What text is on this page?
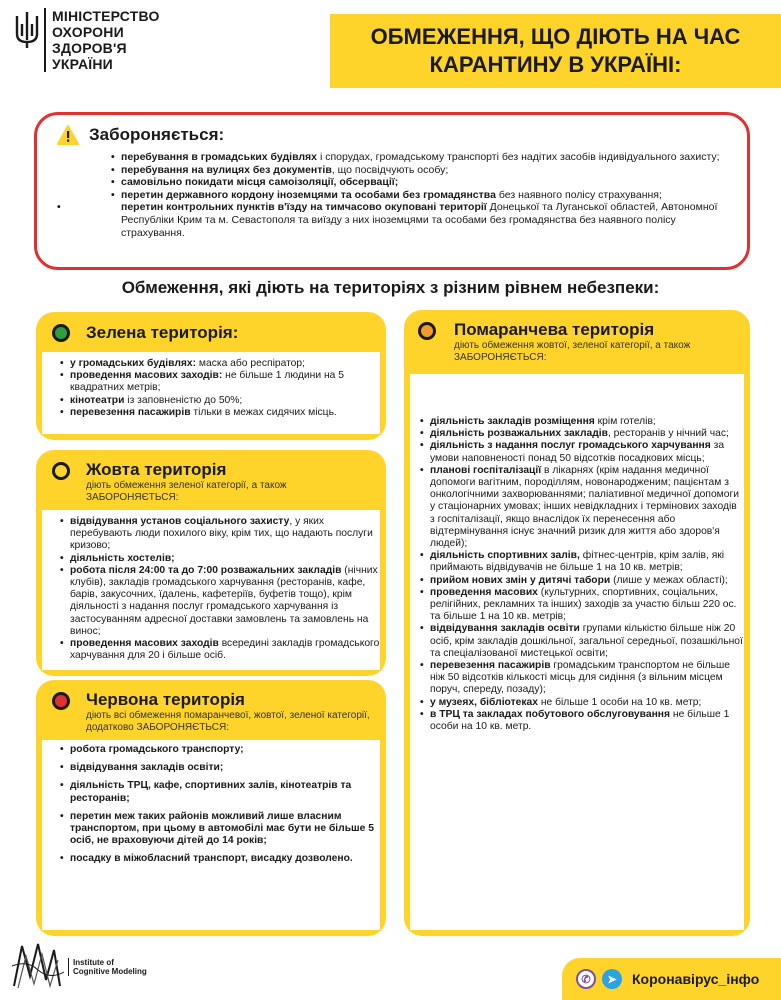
МІНІСТЕРСТВО
ОХОРОНИ
ЗДОРОВ'Я
УКРАЇНИ
ОБМЕЖЕННЯ, ЩО ДІЮТЬ НА ЧАС
КАРАНТИНУ В УКРАЇНІ:
Забороняється:
• перебування в громадських будівлях і спорудах, громадському транспорті без надітих засобів індивідуального захисту;
• перебування на вулицях без документів, що посвідчують особу;
• самовільно покидати місця самоізоляції, обсервації;
• перетин державного кордону іноземцями та особами без громадянства без наявного полісу страхування;
• перетин контрольних пунктів в'їзду на тимчасово окуповані території Донецької та Луганської областей, Автономної Республіки Крим та м. Севастополя та виїзду з них іноземцями та особами без громадянства без наявного полісу страхування.
Обмеження, які діють на територіях з різним рівнем небезпеки:
Зелена територія:
• у громадських будівлях: маска або респіратор;
• проведення масових заходів: не більше 1 людини на 5 квадратних метрів;
• кінотеатри із заповненістю до 50%;
• перевезення пасажирів тільки в межах сидячих місць.
Жовта територія
діють обмеження зеленої категорії, а також ЗАБОРОНЯЄТЬСЯ:
• відвідування установ соціального захисту, у яких перебувають люди похилого віку, крім тих, що надають послуги кризово;
• діяльність хостелів;
• робота після 24:00 та до 7:00 розважальних закладів (нічних клубів), закладів громадського харчування (ресторанів, кафе, барів, закусочних, їдалень, кафетеріїв, буфетів тощо), крім діяльності з надання послуг громадського харчування із застосуванням адресної доставки замовлень та замовлень на винос;
• проведення масових заходів всередині закладів громадського харчування для 20 і більше осіб.
Червона територія
діють всі обмеження помаранчевої, жовтої, зеленої категорії, додатково ЗАБОРОНЯЄТЬСЯ:
• робота громадського транспорту;
• відвідування закладів освіти;
• діяльність ТРЦ, кафе, спортивних залів, кінотеатрів та ресторанів;
• перетин меж таких районів можливий лише власним транспортом, при цьому в автомобілі має бути не більше 5 осіб, не враховуючи дітей до 14 років;
• посадку в міжобласний транспорт, висадку дозволено.
Помаранчева територія
діють обмеження жовтої, зеленої категорії, а також ЗАБОРОНЯЄТЬСЯ:
• діяльність закладів розміщення крім готелів;
• діяльність розважальних закладів, ресторанів у нічний час;
• діяльність з надання послуг громадського харчування за умови наповненості понад 50 відсотків посадкових місць;
• планові госпіталізації в лікарнях (крім надання медичної допомоги вагітним, породіллям, новонародженим; пацієнтам з онкологічними захворюваннями; паліативної медичної допомоги у стаціонарних умовах; інших невідкладних і термінових заходів з госпіталізації, якщо внаслідок їх перенесення або відтермінування існує значний ризик для життя або здоров'я людей);
• діяльність спортивних залів, фітнес-центрів, крім залів, які приймають відвідувачів не більше 1 на 10 кв. метрів;
• прийом нових змін у дитячі табори (лише у межах області);
• проведення масових (культурних, спортивних, соціальних, релігійних, рекламних та інших) заходів за участю більш 220 ос. та більше 1 на 10 кв. метрів;
• відвідування закладів освіти групами кількістю більше ніж 20 осіб, крім закладів дошкільної, загальної середньої, позашкільної та спеціалізованої мистецької освіти;
• перевезення пасажирів громадським транспортом не більше ніж 50 відсотків кількості місць для сидіння (з вільним місцем поруч, спереду, позаду);
• у музеях, бібліотеках не більше 1 особи на 10 кв. метр;
• в ТРЦ та закладах побутового обслуговування не більше 1 особи на 10 кв. метр.
Institute of
Cognitive Modeling
✆	➤	Коронавірус_інфо
